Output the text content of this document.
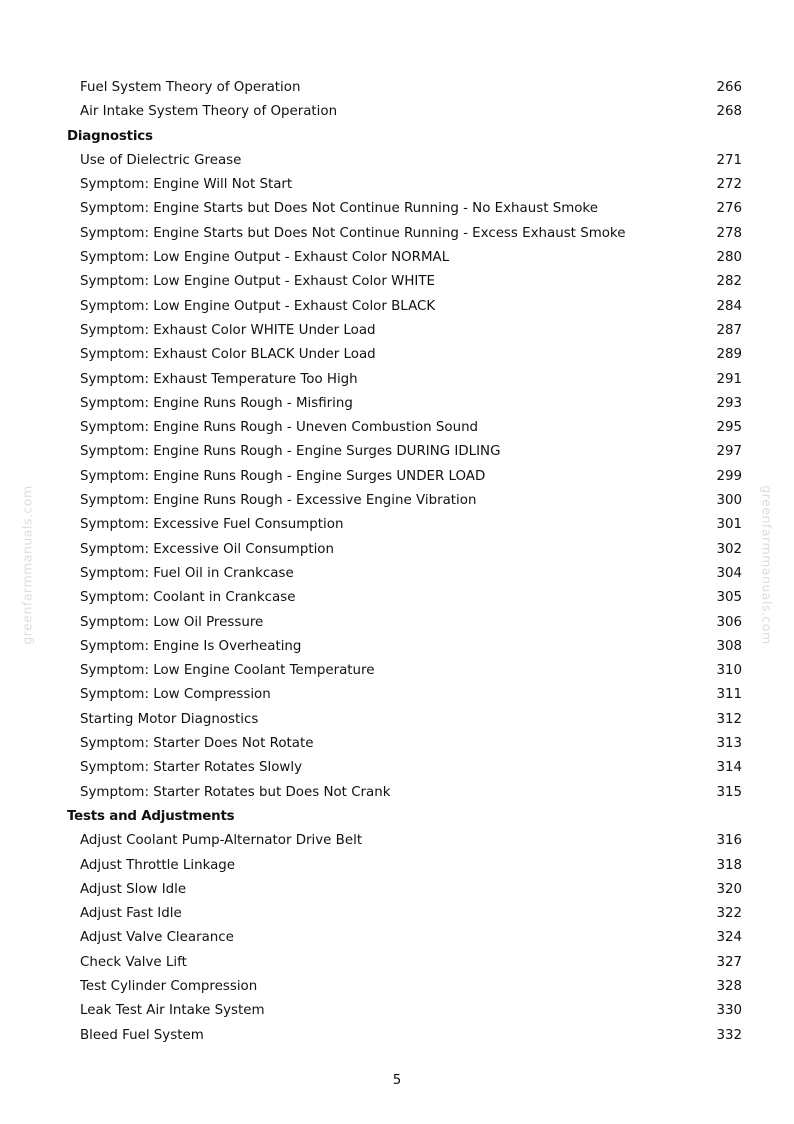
Fuel System Theory of Operation	266
Air Intake System Theory of Operation	268
Diagnostics
Use of Dielectric Grease	271
Symptom: Engine Will Not Start	272
Symptom: Engine Starts but Does Not Continue Running - No Exhaust Smoke	276
Symptom: Engine Starts but Does Not Continue Running - Excess Exhaust Smoke	278
Symptom: Low Engine Output - Exhaust Color NORMAL	280
Symptom: Low Engine Output - Exhaust Color WHITE	282
Symptom: Low Engine Output - Exhaust Color BLACK	284
Symptom: Exhaust Color WHITE Under Load	287
Symptom: Exhaust Color BLACK Under Load	289
Symptom: Exhaust Temperature Too High	291
Symptom: Engine Runs Rough - Misfiring	293
Symptom: Engine Runs Rough - Uneven Combustion Sound	295
Symptom: Engine Runs Rough - Engine Surges DURING IDLING	297
Symptom: Engine Runs Rough - Engine Surges UNDER LOAD	299
Symptom: Engine Runs Rough - Excessive Engine Vibration	300
Symptom: Excessive Fuel Consumption	301
Symptom: Excessive Oil Consumption	302
Symptom: Fuel Oil in Crankcase	304
Symptom: Coolant in Crankcase	305
Symptom: Low Oil Pressure	306
Symptom: Engine Is Overheating	308
Symptom: Low Engine Coolant Temperature	310
Symptom: Low Compression	311
Starting Motor Diagnostics	312
Symptom: Starter Does Not Rotate	313
Symptom: Starter Rotates Slowly	314
Symptom: Starter Rotates but Does Not Crank	315
Tests and Adjustments
Adjust Coolant Pump-Alternator Drive Belt	316
Adjust Throttle Linkage	318
Adjust Slow Idle	320
Adjust Fast Idle	322
Adjust Valve Clearance	324
Check Valve Lift	327
Test Cylinder Compression	328
Leak Test Air Intake System	330
Bleed Fuel System	332
greenfarmmanuals.com	greenfarmmanuals.com
5
